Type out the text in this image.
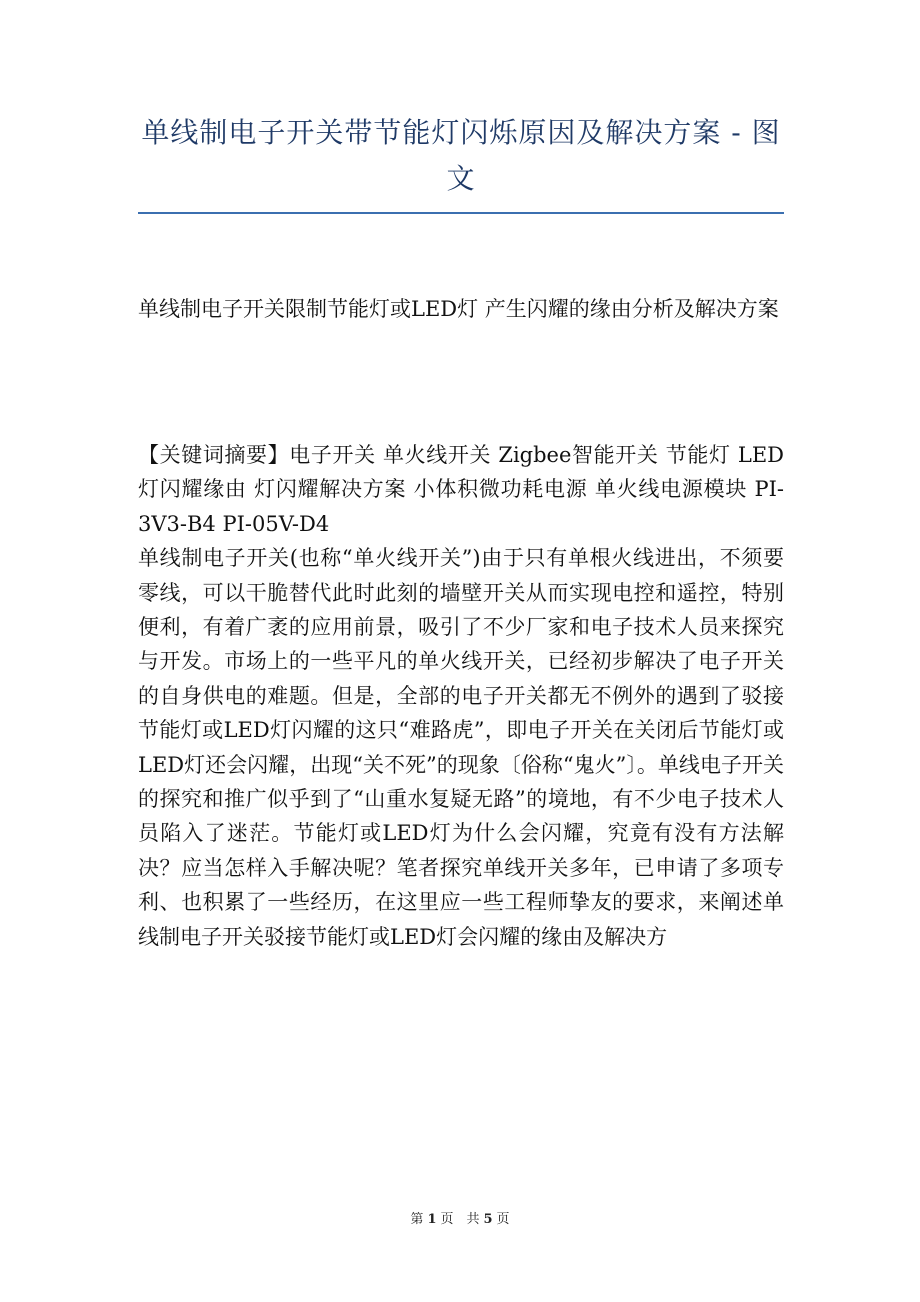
单线制电子开关带节能灯闪烁原因及解决方案 - 图文

单线制电子开关限制节能灯或LED灯 产生闪耀的缘由分析及解决方案

【关键词摘要】电子开关 单火线开关 Zigbee智能开关 节能灯 LED灯闪耀缘由 灯闪耀解决方案 小体积微功耗电源 单火线电源模块 PI-3V3-B4 PI-05V-D4

单线制电子开关(也称“单火线开关”)由于只有单根火线进出，不须要零线，可以干脆替代此时此刻的墙壁开关从而实现电控和遥控，特别便利，有着广袤的应用前景，吸引了不少厂家和电子技术人员来探究与开发。市场上的一些平凡的单火线开关，已经初步解决了电子开关的自身供电的难题。但是，全部的电子开关都无不例外的遇到了驳接节能灯或LED灯闪耀的这只“难路虎”，即电子开关在关闭后节能灯或LED灯还会闪耀，出现“关不死”的现象〔俗称“鬼火”〕。单线电子开关的探究和推广似乎到了“山重水复疑无路”的境地，有不少电子技术人员陷入了迷茫。节能灯或LED灯为什么会闪耀，究竟有没有方法解决？应当怎样入手解决呢？笔者探究单线开关多年，已申请了多项专利、也积累了一些经历，在这里应一些工程师挚友的要求，来阐述单线制电子开关驳接节能灯或LED灯会闪耀的缘由及解决方

第 1 页　共 5 页
